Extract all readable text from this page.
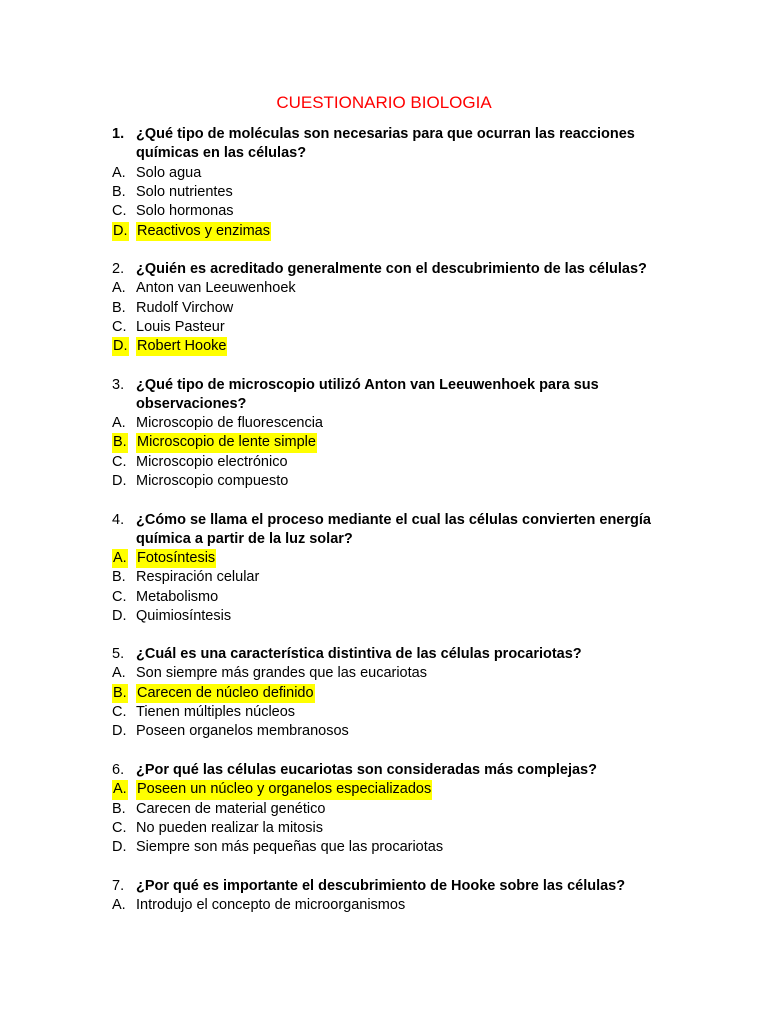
CUESTIONARIO BIOLOGIA
1. ¿Qué tipo de moléculas son necesarias para que ocurran las reacciones
químicas en las células?
A. Solo agua
B. Solo nutrientes
C. Solo hormonas
D. Reactivos y enzimas
2. ¿Quién es acreditado generalmente con el descubrimiento de las células?
A. Anton van Leeuwenhoek
B. Rudolf Virchow
C. Louis Pasteur
D. Robert Hooke
3. ¿Qué tipo de microscopio utilizó Anton van Leeuwenhoek para sus
observaciones?
A. Microscopio de fluorescencia
B. Microscopio de lente simple
C. Microscopio electrónico
D. Microscopio compuesto
4. ¿Cómo se llama el proceso mediante el cual las células convierten energía
química a partir de la luz solar?
A. Fotosíntesis
B. Respiración celular
C. Metabolismo
D. Quimiosíntesis
5. ¿Cuál es una característica distintiva de las células procariotas?
A. Son siempre más grandes que las eucariotas
B. Carecen de núcleo definido
C. Tienen múltiples núcleos
D. Poseen organelos membranosos
6. ¿Por qué las células eucariotas son consideradas más complejas?
A. Poseen un núcleo y organelos especializados
B. Carecen de material genético
C. No pueden realizar la mitosis
D. Siempre son más pequeñas que las procariotas
7. ¿Por qué es importante el descubrimiento de Hooke sobre las células?
A. Introdujo el concepto de microorganismos
